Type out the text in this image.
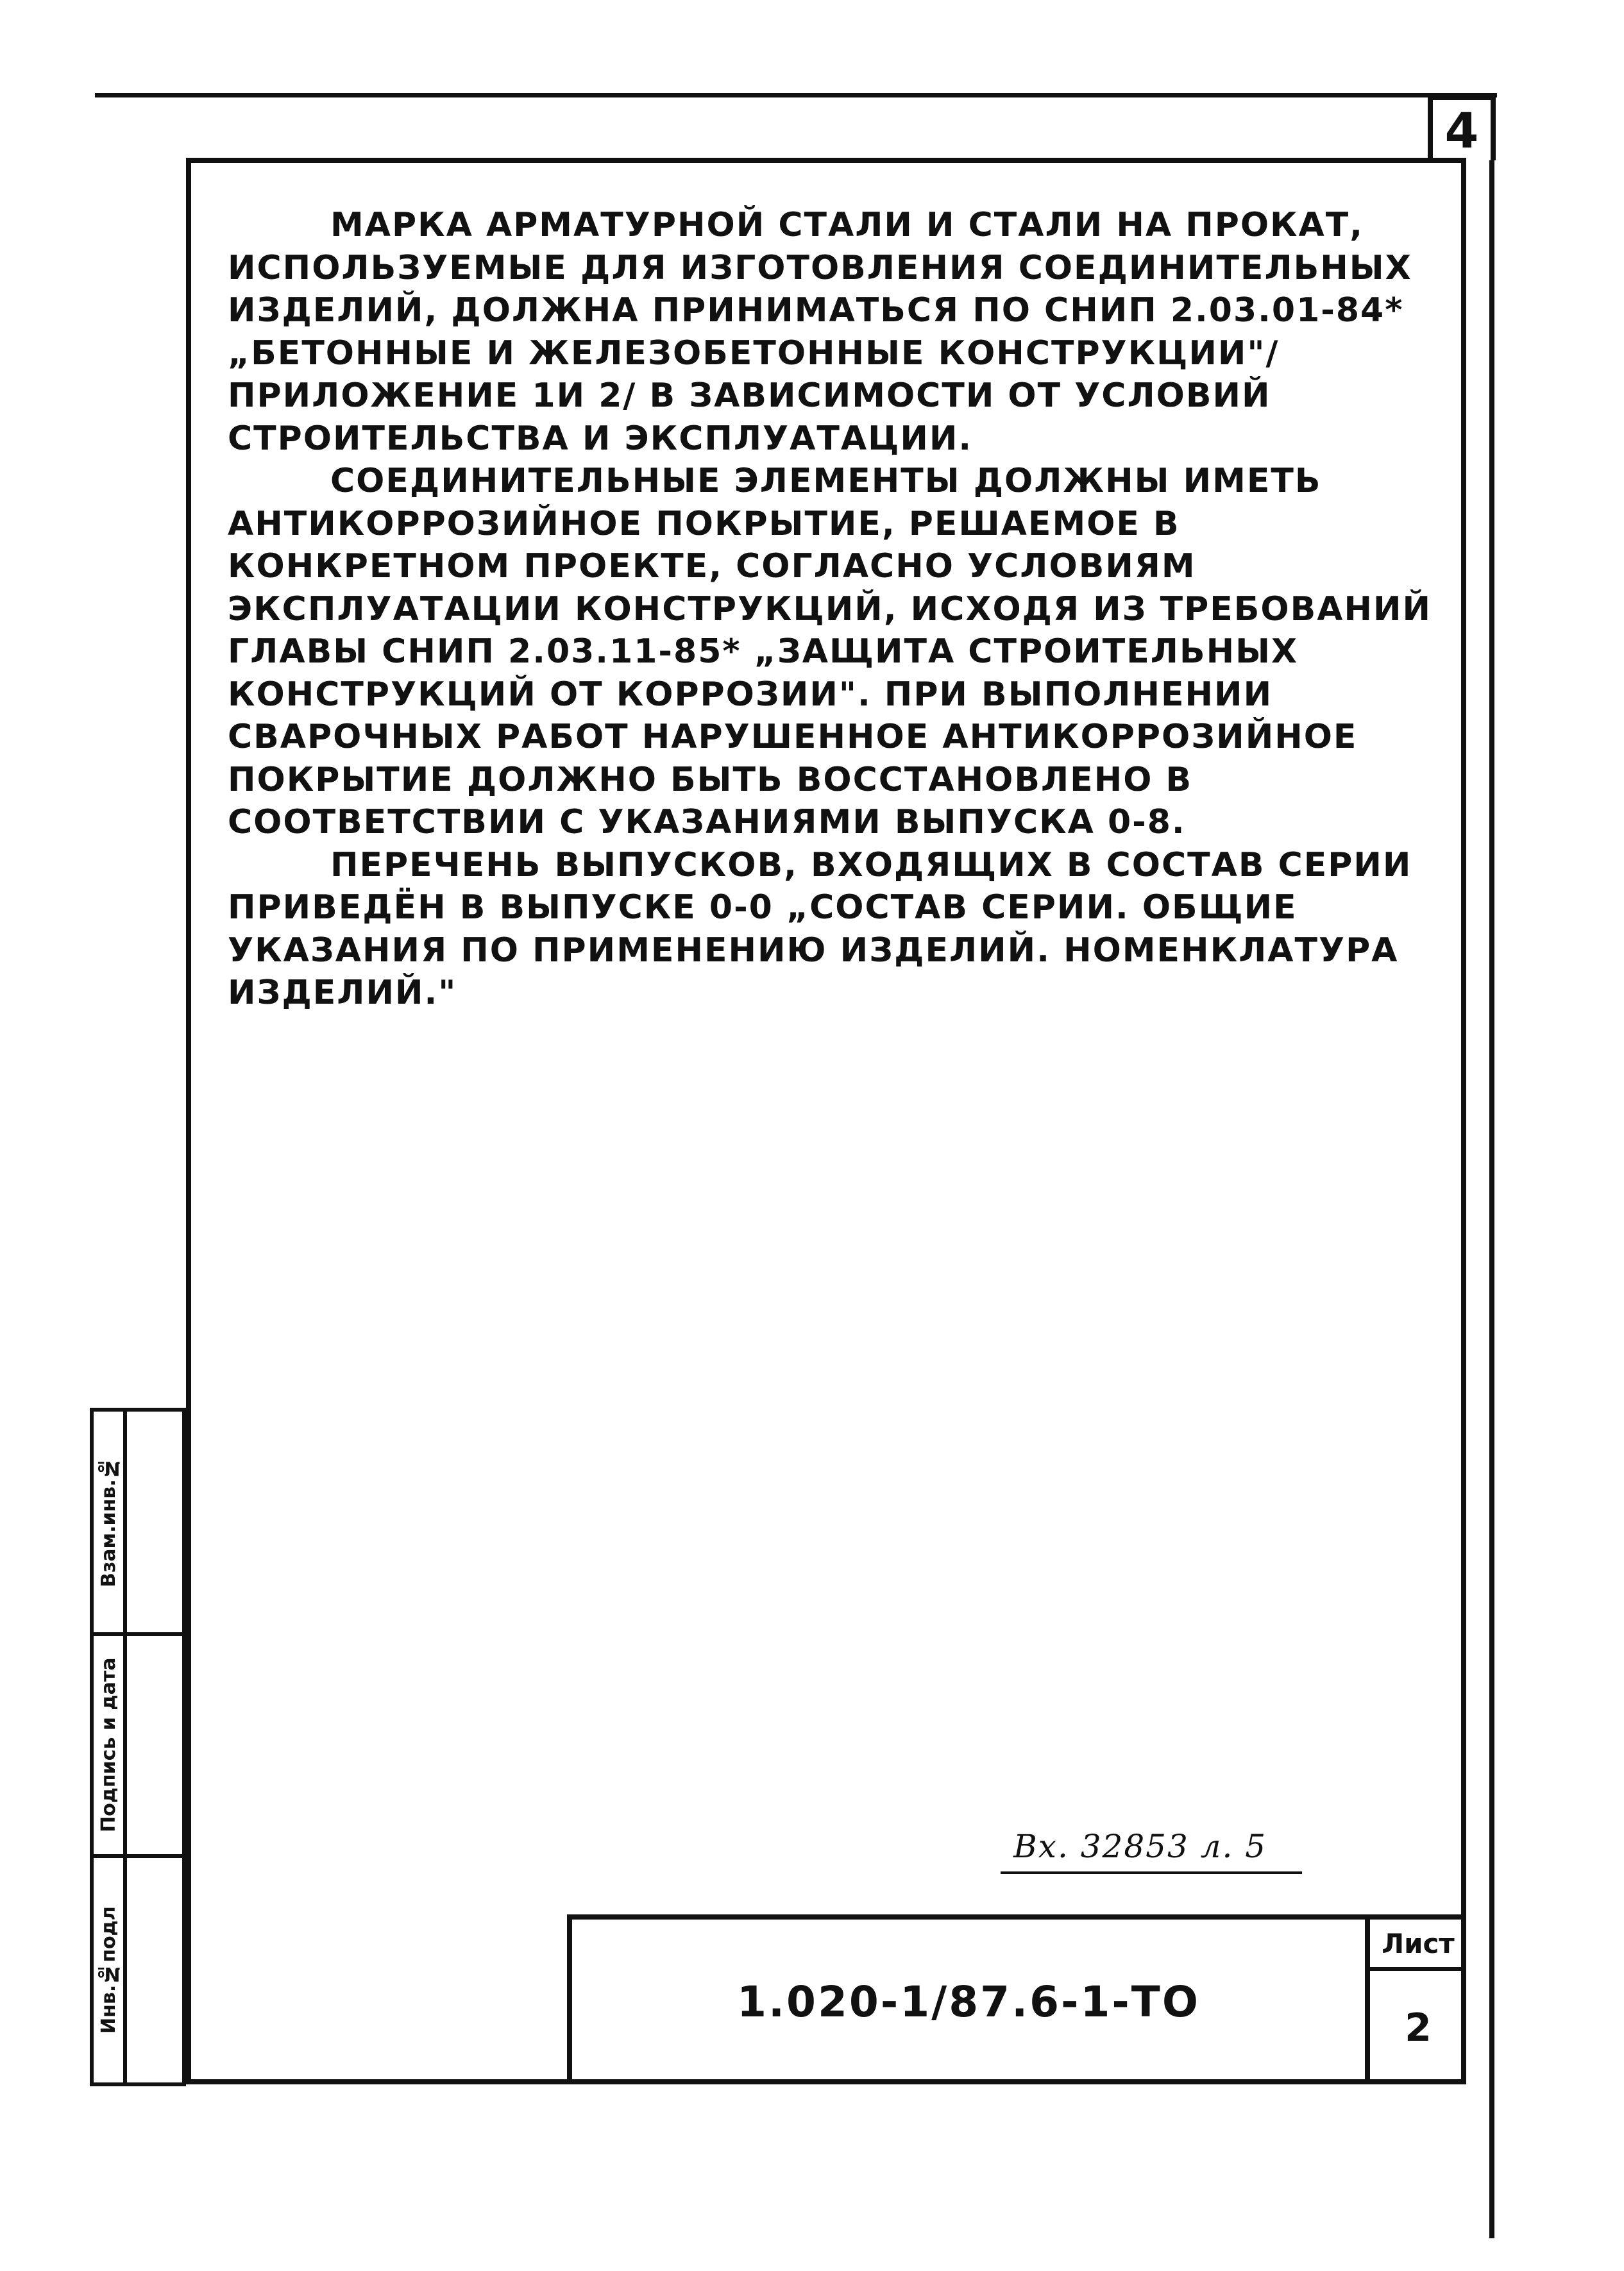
4

МАРКА АРМАТУРНОЙ СТАЛИ И СТАЛИ НА ПРОКАТ, ИСПОЛЬЗУЕМЫЕ ДЛЯ ИЗГОТОВЛЕНИЯ СОЕДИНИТЕЛЬНЫХ ИЗДЕЛИЙ, ДОЛЖНА ПРИНИМАТЬСЯ ПО СНИП 2.03.01-84* „БЕТОННЫЕ И ЖЕЛЕЗОБЕТОННЫЕ КОНСТРУКЦИИ"/ПРИЛОЖЕНИЕ 1И 2/ В ЗАВИСИМОСТИ ОТ УСЛОВИЙ СТРОИТЕЛЬСТВА И ЭКСПЛУАТАЦИИ.

СОЕДИНИТЕЛЬНЫЕ ЭЛЕМЕНТЫ ДОЛЖНЫ ИМЕТЬ АНТИКОРРОЗИЙНОЕ ПОКРЫТИЕ, РЕШАЕМОЕ В КОНКРЕТНОМ ПРОЕКТЕ, СОГЛАСНО УСЛОВИЯМ ЭКСПЛУАТАЦИИ КОНСТРУКЦИЙ, ИСХОДЯ ИЗ ТРЕБОВАНИЙ ГЛАВЫ СНИП 2.03.11-85* „ЗАЩИТА СТРОИТЕЛЬНЫХ КОНСТРУКЦИЙ ОТ КОРРОЗИИ". ПРИ ВЫПОЛНЕНИИ СВАРОЧНЫХ РАБОТ НАРУШЕННОЕ АНТИКОРРОЗИЙНОЕ ПОКРЫТИЕ ДОЛЖНО БЫТЬ ВОССТАНОВЛЕНО В СООТВЕТСТВИИ С УКАЗАНИЯМИ ВЫПУСКА 0-8.

ПЕРЕЧЕНЬ ВЫПУСКОВ, ВХОДЯЩИХ В СОСТАВ СЕРИИ ПРИВЕДЁН В ВЫПУСКЕ 0-0 „СОСТАВ СЕРИИ. ОБЩИЕ УКАЗАНИЯ ПО ПРИМЕНЕНИЮ ИЗДЕЛИЙ. НОМЕНКЛАТУРА ИЗДЕЛИЙ."

Взам.инв.№
Подпись и дата
Инв.№подл
Вх. 32853 л. 5
1.020-1/87.6-1-ТО
Лист
2
